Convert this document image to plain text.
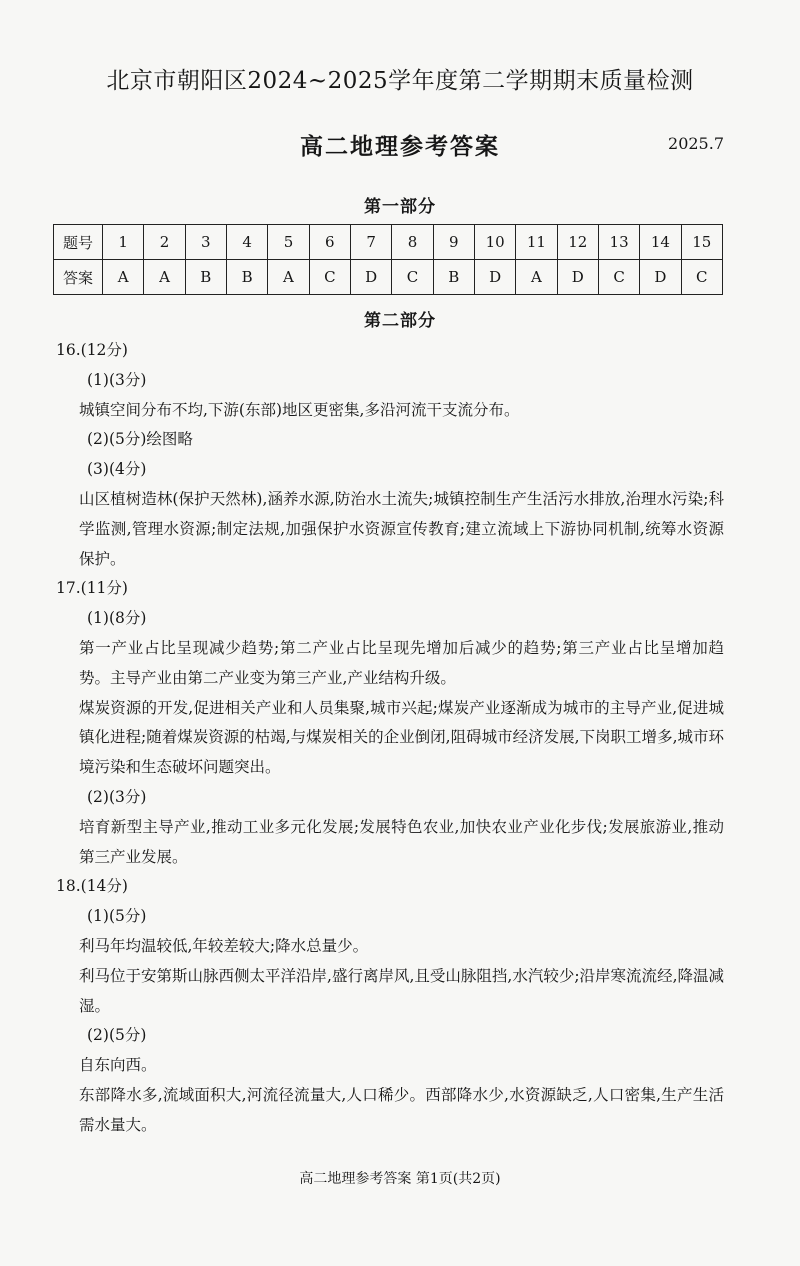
北京市朝阳区2024~2025学年度第二学期期末质量检测
高二地理参考答案	2025.7
第一部分
题号	1	2	3	4	5	6	7	8	9	10	11	12	13	14	15
答案	A	A	B	B	A	C	D	C	B	D	A	D	C	D	C
第二部分
16.(12分)
(1)(3分)
城镇空间分布不均,下游(东部)地区更密集,多沿河流干支流分布。
(2)(5分)绘图略
(3)(4分)
山区植树造林(保护天然林),涵养水源,防治水土流失;城镇控制生产生活污水排放,治理水污染;科学监测,管理水资源;制定法规,加强保护水资源宣传教育;建立流域上下游协同机制,统筹水资源保护。
17.(11分)
(1)(8分)
第一产业占比呈现减少趋势;第二产业占比呈现先增加后减少的趋势;第三产业占比呈增加趋势。主导产业由第二产业变为第三产业,产业结构升级。
煤炭资源的开发,促进相关产业和人员集聚,城市兴起;煤炭产业逐渐成为城市的主导产业,促进城镇化进程;随着煤炭资源的枯竭,与煤炭相关的企业倒闭,阻碍城市经济发展,下岗职工增多,城市环境污染和生态破坏问题突出。
(2)(3分)
培育新型主导产业,推动工业多元化发展;发展特色农业,加快农业产业化步伐;发展旅游业,推动第三产业发展。
18.(14分)
(1)(5分)
利马年均温较低,年较差较大;降水总量少。
利马位于安第斯山脉西侧太平洋沿岸,盛行离岸风,且受山脉阻挡,水汽较少;沿岸寒流流经,降温减湿。
(2)(5分)
自东向西。
东部降水多,流域面积大,河流径流量大,人口稀少。西部降水少,水资源缺乏,人口密集,生产生活需水量大。
高二地理参考答案 第1页(共2页)
